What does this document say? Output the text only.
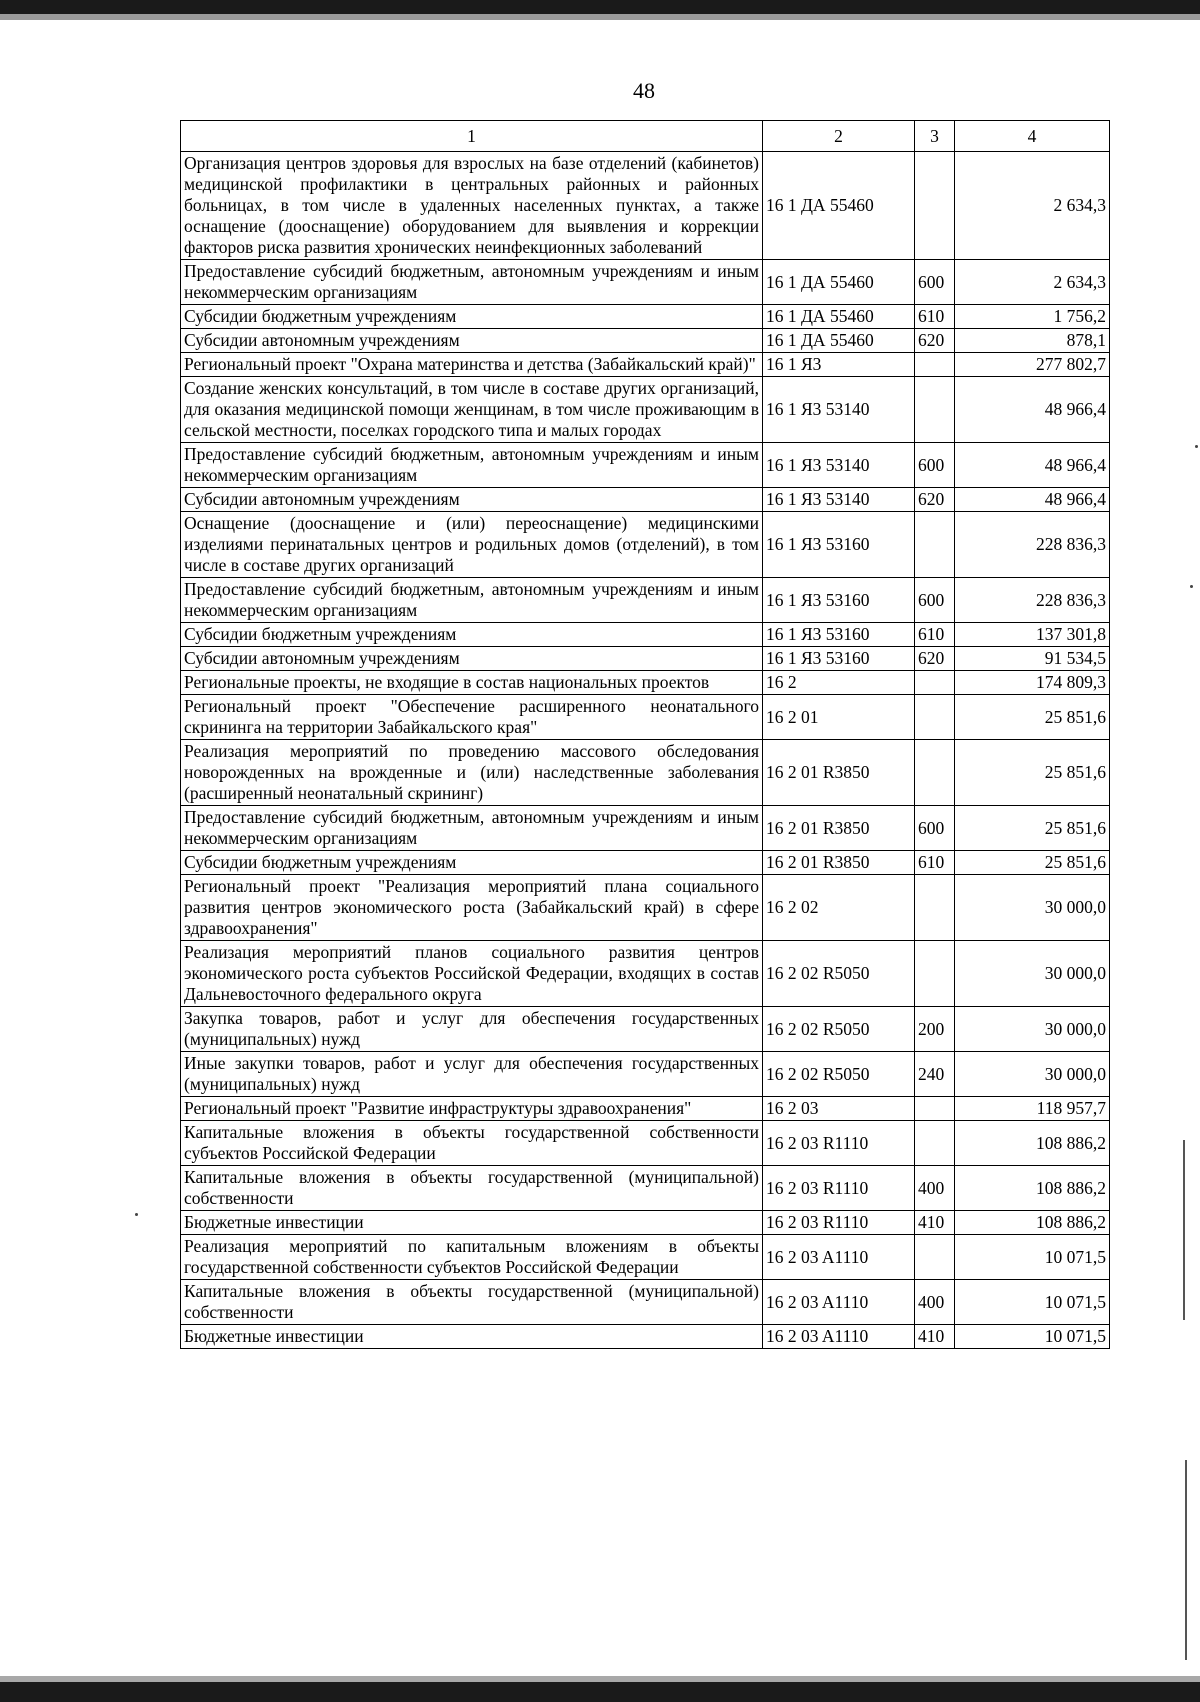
48
1	2	3	4
Организация центров здоровья для взрослых на базе отделений (кабинетов) медицинской профилактики в центральных районных и районных больницах, в том числе в удаленных населенных пунктах, а также оснащение (дооснащение) оборудованием для выявления и коррекции факторов риска развития хронических неинфекционных заболеваний	16 1 ДА 55460		2 634,3
Предоставление субсидий бюджетным, автономным учреждениям и иным некоммерческим организациям	16 1 ДА 55460	600	2 634,3
Субсидии бюджетным учреждениям	16 1 ДА 55460	610	1 756,2
Субсидии автономным учреждениям	16 1 ДА 55460	620	878,1
Региональный проект "Охрана материнства и детства (Забайкальский край)"	16 1 Я3		277 802,7
Создание женских консультаций, в том числе в составе других организаций, для оказания медицинской помощи женщинам, в том числе проживающим в сельской местности, поселках городского типа и малых городах	16 1 Я3 53140		48 966,4
Предоставление субсидий бюджетным, автономным учреждениям и иным некоммерческим организациям	16 1 Я3 53140	600	48 966,4
Субсидии автономным учреждениям	16 1 Я3 53140	620	48 966,4
Оснащение (дооснащение и (или) переоснащение) медицинскими изделиями перинатальных центров и родильных домов (отделений), в том числе в составе других организаций	16 1 Я3 53160		228 836,3
Предоставление субсидий бюджетным, автономным учреждениям и иным некоммерческим организациям	16 1 Я3 53160	600	228 836,3
Субсидии бюджетным учреждениям	16 1 Я3 53160	610	137 301,8
Субсидии автономным учреждениям	16 1 Я3 53160	620	91 534,5
Региональные проекты, не входящие в состав национальных проектов	16 2		174 809,3
Региональный проект "Обеспечение расширенного неонатального скрининга на территории Забайкальского края"	16 2 01		25 851,6
Реализация мероприятий по проведению массового обследования новорожденных на врожденные и (или) наследственные заболевания (расширенный неонатальный скрининг)	16 2 01 R3850		25 851,6
Предоставление субсидий бюджетным, автономным учреждениям и иным некоммерческим организациям	16 2 01 R3850	600	25 851,6
Субсидии бюджетным учреждениям	16 2 01 R3850	610	25 851,6
Региональный проект "Реализация мероприятий плана социального развития центров экономического роста (Забайкальский край) в сфере здравоохранения"	16 2 02		30 000,0
Реализация мероприятий планов социального развития центров экономического роста субъектов Российской Федерации, входящих в состав Дальневосточного федерального округа	16 2 02 R5050		30 000,0
Закупка товаров, работ и услуг для обеспечения государственных (муниципальных) нужд	16 2 02 R5050	200	30 000,0
Иные закупки товаров, работ и услуг для обеспечения государственных (муниципальных) нужд	16 2 02 R5050	240	30 000,0
Региональный проект "Развитие инфраструктуры здравоохранения"	16 2 03		118 957,7
Капитальные вложения в объекты государственной собственности субъектов Российской Федерации	16 2 03 R1110		108 886,2
Капитальные вложения в объекты государственной (муниципальной) собственности	16 2 03 R1110	400	108 886,2
Бюджетные инвестиции	16 2 03 R1110	410	108 886,2
Реализация мероприятий по капитальным вложениям в объекты государственной собственности субъектов Российской Федерации	16 2 03 A1110		10 071,5
Капитальные вложения в объекты государственной (муниципальной) собственности	16 2 03 A1110	400	10 071,5
Бюджетные инвестиции	16 2 03 A1110	410	10 071,5
